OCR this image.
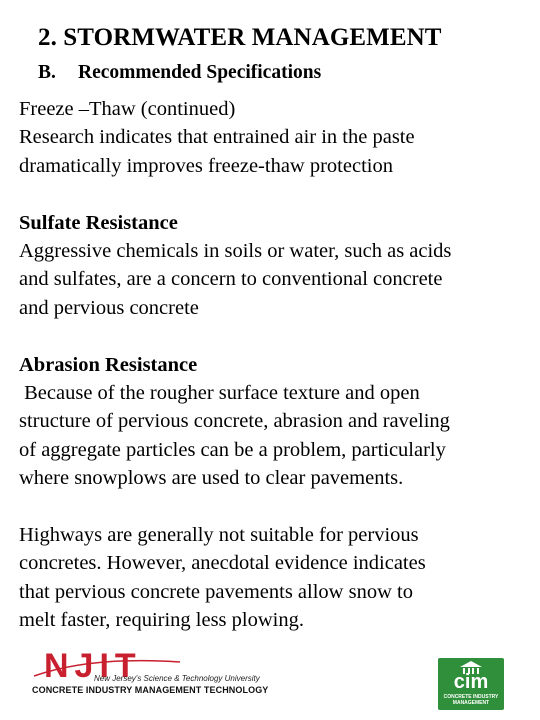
2. STORMWATER MANAGEMENT
B. Recommended Specifications

Freeze –Thaw (continued)
Research indicates that entrained air in the paste
dramatically improves freeze-thaw protection

Sulfate Resistance
Aggressive chemicals in soils or water, such as acids
and sulfates, are a concern to conventional concrete
and pervious concrete

Abrasion Resistance
Because of the rougher surface texture and open
structure of pervious concrete, abrasion and raveling
of aggregate particles can be a problem, particularly
where snowplows are used to clear pavements.

Highways are generally not suitable for pervious
concretes. However, anecdotal evidence indicates
that pervious concrete pavements allow snow to
melt faster, requiring less plowing.

NJIT
New Jersey's Science & Technology University
CONCRETE INDUSTRY MANAGEMENT TECHNOLOGY	cim
CONCRETE INDUSTRY
MANAGEMENT
